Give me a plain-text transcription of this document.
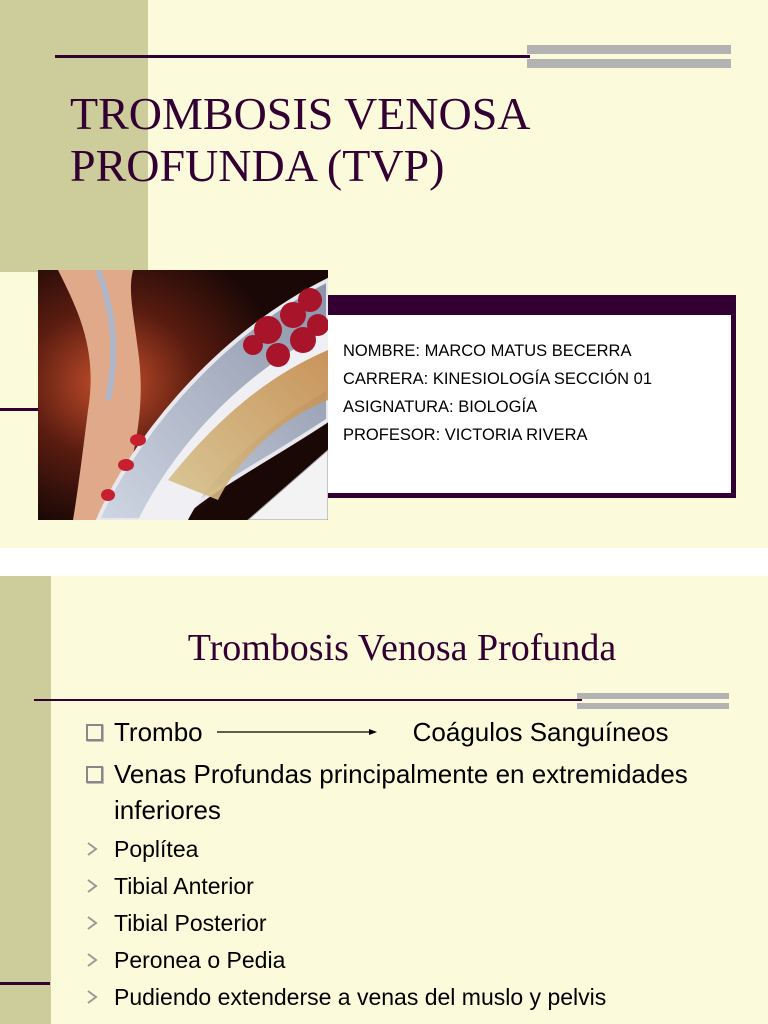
TROMBOSIS VENOSA
PROFUNDA (TVP)
NOMBRE: MARCO MATUS BECERRA
CARRERA: KINESIOLOGÍA SECCIÓN 01
ASIGNATURA: BIOLOGÍA
PROFESOR: VICTORIA RIVERA
Trombosis Venosa Profunda
Trombo	Coágulos Sanguíneos
Venas Profundas principalmente en extremidades inferiores
Poplítea
Tibial Anterior
Tibial Posterior
Peronea o Pedia
Pudiendo extenderse a venas del muslo y pelvis
